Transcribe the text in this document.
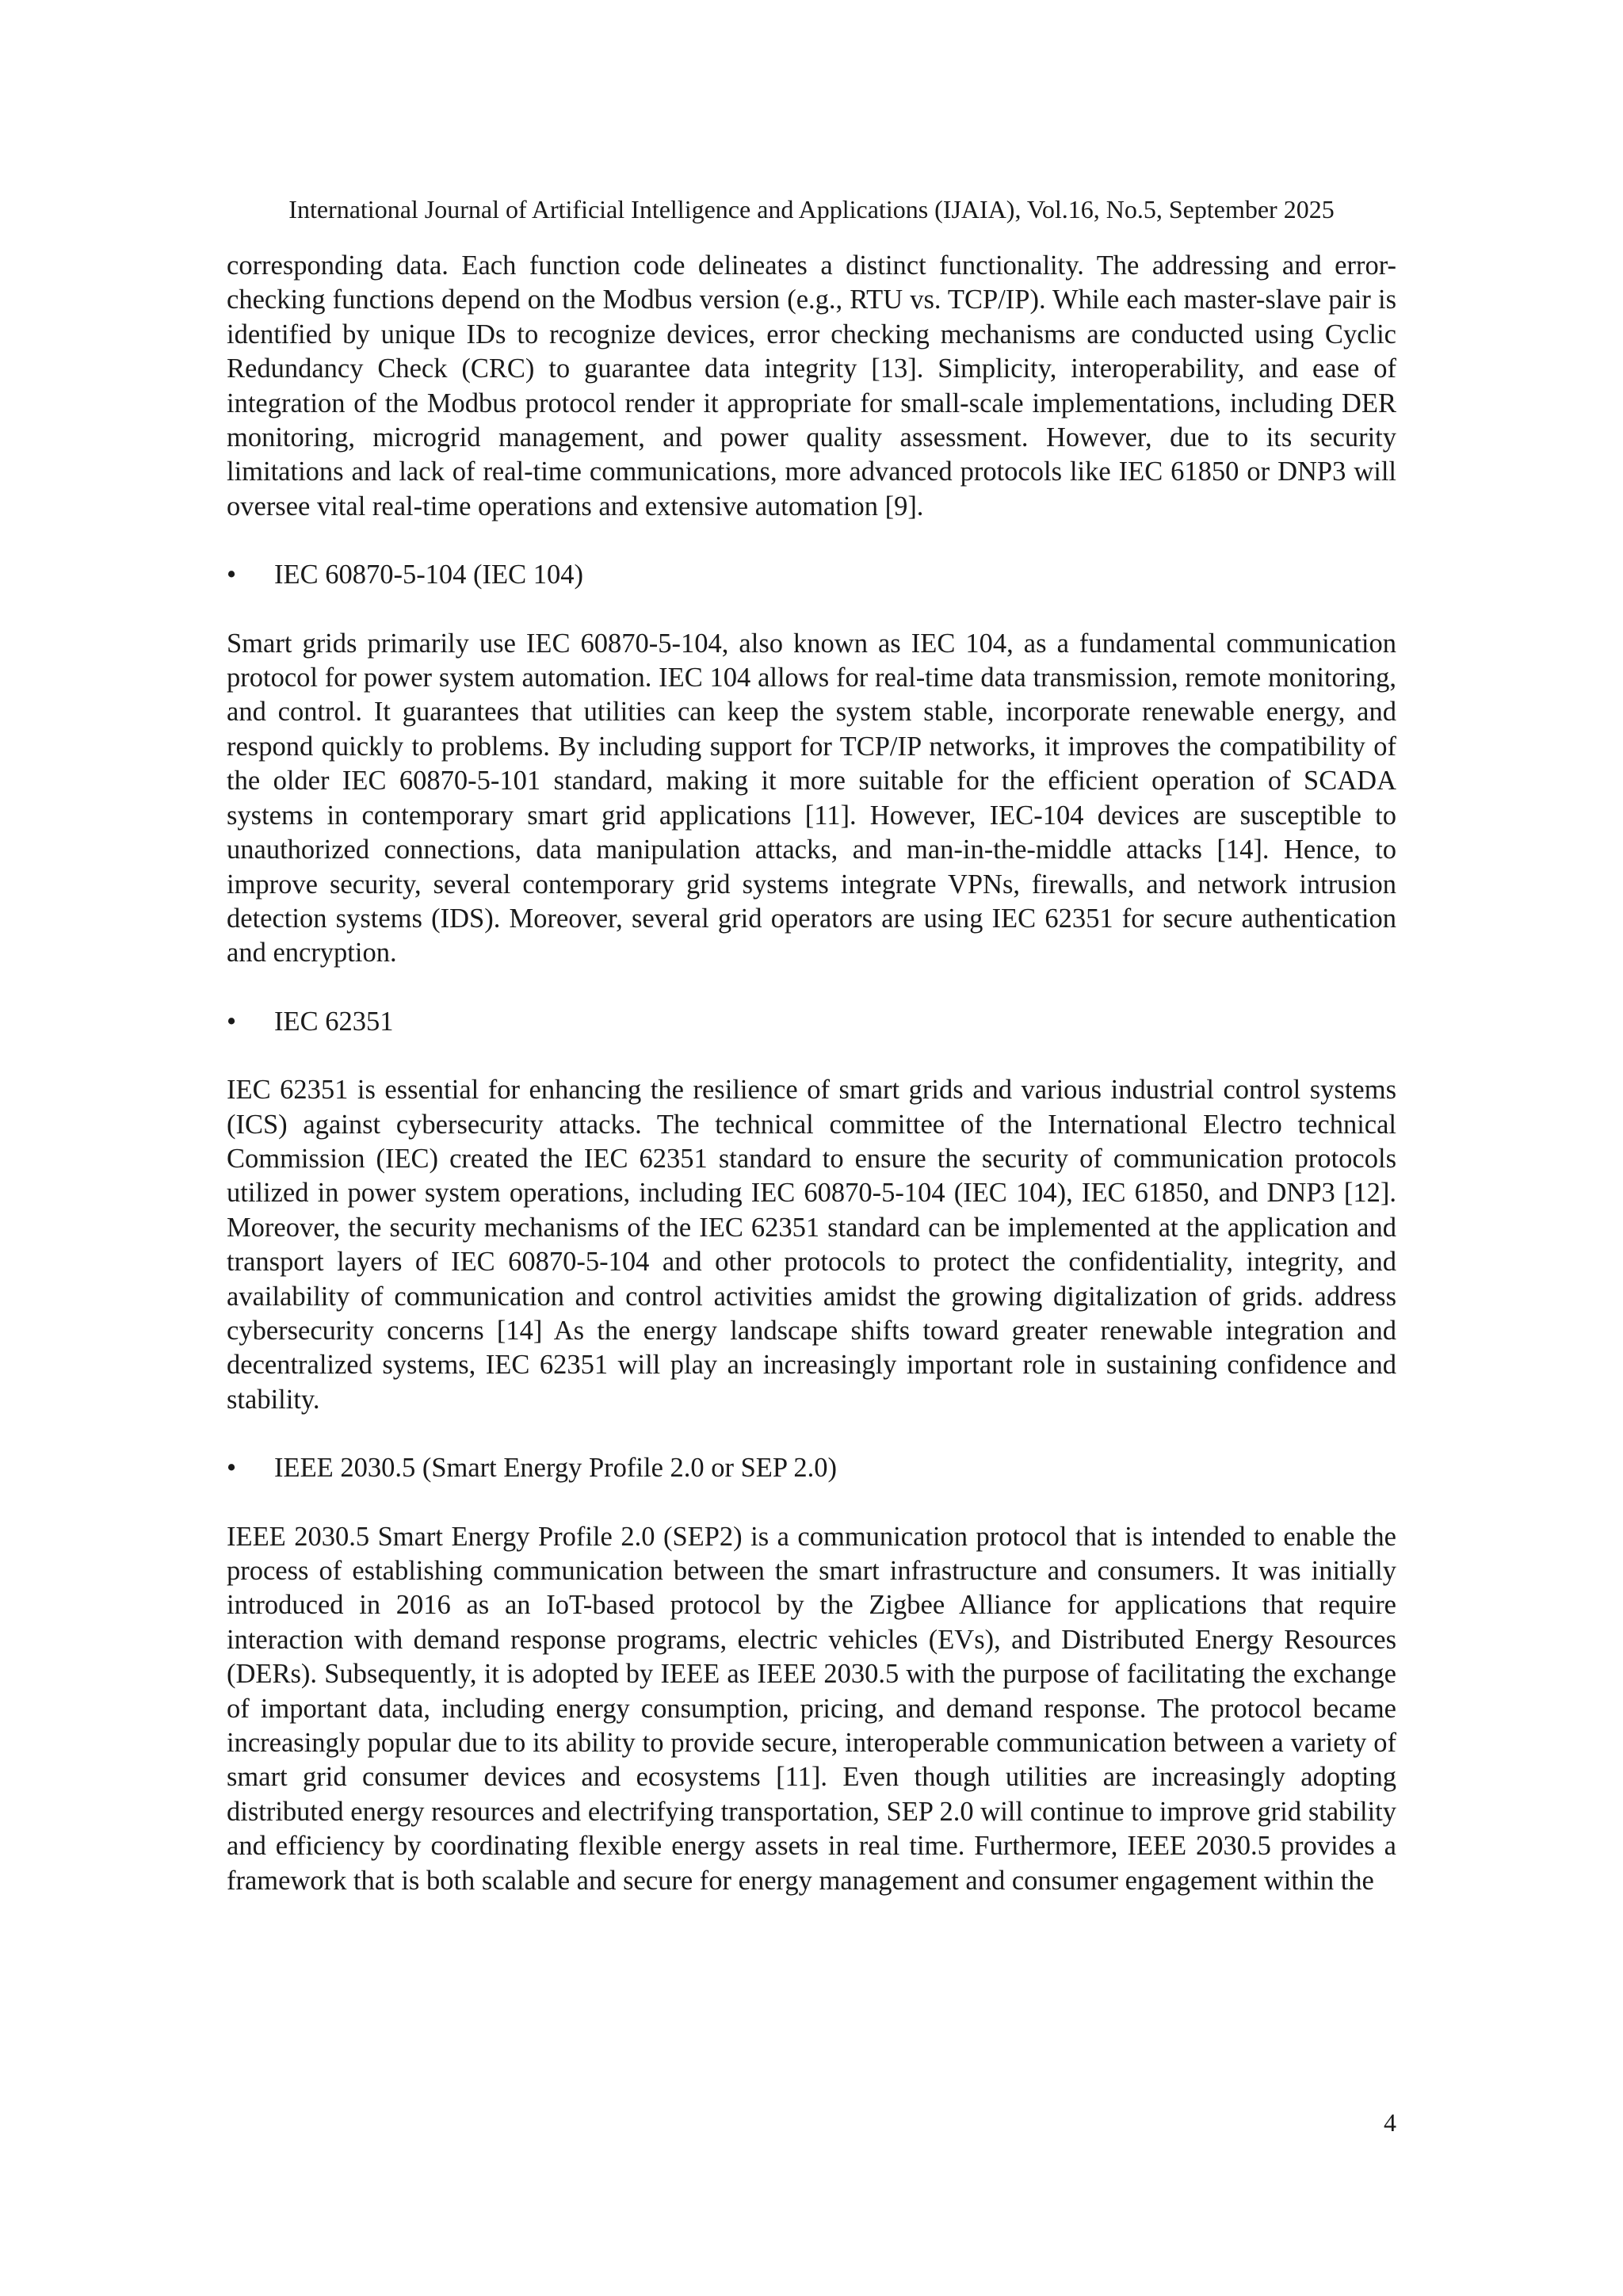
International Journal of Artificial Intelligence and Applications (IJAIA), Vol.16, No.5, September 2025

corresponding data. Each function code delineates a distinct functionality. The addressing and error-checking functions depend on the Modbus version (e.g., RTU vs. TCP/IP). While each master-slave pair is identified by unique IDs to recognize devices, error checking mechanisms are conducted using Cyclic Redundancy Check (CRC) to guarantee data integrity [13]. Simplicity, interoperability, and ease of integration of the Modbus protocol render it appropriate for small-scale implementations, including DER monitoring, microgrid management, and power quality assessment. However, due to its security limitations and lack of real-time communications, more advanced protocols like IEC 61850 or DNP3 will oversee vital real-time operations and extensive automation [9].

•	IEC 60870-5-104 (IEC 104)

Smart grids primarily use IEC 60870-5-104, also known as IEC 104, as a fundamental communication protocol for power system automation. IEC 104 allows for real-time data transmission, remote monitoring, and control. It guarantees that utilities can keep the system stable, incorporate renewable energy, and respond quickly to problems. By including support for TCP/IP networks, it improves the compatibility of the older IEC 60870-5-101 standard, making it more suitable for the efficient operation of SCADA systems in contemporary smart grid applications [11]. However, IEC-104 devices are susceptible to unauthorized connections, data manipulation attacks, and man-in-the-middle attacks [14]. Hence, to improve security, several contemporary grid systems integrate VPNs, firewalls, and network intrusion detection systems (IDS). Moreover, several grid operators are using IEC 62351 for secure authentication and encryption.

•	IEC 62351

IEC 62351 is essential for enhancing the resilience of smart grids and various industrial control systems (ICS) against cybersecurity attacks. The technical committee of the International Electro technical Commission (IEC) created the IEC 62351 standard to ensure the security of communication protocols utilized in power system operations, including IEC 60870-5-104 (IEC 104), IEC 61850, and DNP3 [12]. Moreover, the security mechanisms of the IEC 62351 standard can be implemented at the application and transport layers of IEC 60870-5-104 and other protocols to protect the confidentiality, integrity, and availability of communication and control activities amidst the growing digitalization of grids. address cybersecurity concerns [14] As the energy landscape shifts toward greater renewable integration and decentralized systems, IEC 62351 will play an increasingly important role in sustaining confidence and stability.

•	IEEE 2030.5 (Smart Energy Profile 2.0 or SEP 2.0)

IEEE 2030.5 Smart Energy Profile 2.0 (SEP2) is a communication protocol that is intended to enable the process of establishing communication between the smart infrastructure and consumers. It was initially introduced in 2016 as an IoT-based protocol by the Zigbee Alliance for applications that require interaction with demand response programs, electric vehicles (EVs), and Distributed Energy Resources (DERs). Subsequently, it is adopted by IEEE as IEEE 2030.5 with the purpose of facilitating the exchange of important data, including energy consumption, pricing, and demand response. The protocol became increasingly popular due to its ability to provide secure, interoperable communication between a variety of smart grid consumer devices and ecosystems [11]. Even though utilities are increasingly adopting distributed energy resources and electrifying transportation, SEP 2.0 will continue to improve grid stability and efficiency by coordinating flexible energy assets in real time. Furthermore, IEEE 2030.5 provides a framework that is both scalable and secure for energy management and consumer engagement within the

4
